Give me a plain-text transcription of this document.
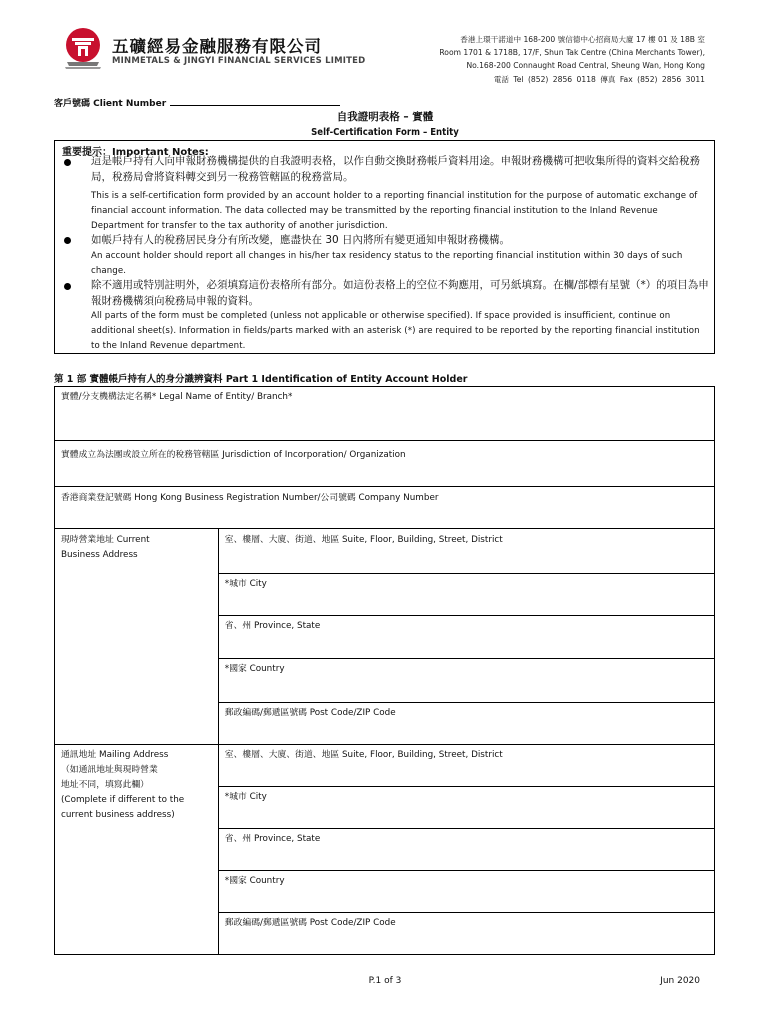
五礦經易金融服務有限公司
MINMETALS & JINGYI FINANCIAL SERVICES LIMITED
香港上環干諾道中 168-200 號信德中心招商局大廈 17 樓 01 及 18B 室
Room 1701 & 1718B, 17/F, Shun Tak Centre (China Merchants Tower),
No.168-200 Connaught Road Central, Sheung Wan, Hong Kong
電話 Tel (852) 2856 0118 傳真 Fax (852) 2856 3011
客戶號碼 Client Number
自我證明表格 – 實體
Self-Certification Form – Entity
重要提示：Important Notes:
這是帳戶持有人向申報財務機構提供的自我證明表格，以作自動交換財務帳戶資料用途。申報財務機構可把收集所得的資料交給稅務局，稅務局會將資料轉交到另一稅務管轄區的稅務當局。
This is a self-certification form provided by an account holder to a reporting financial institution for the purpose of automatic exchange of financial account information. The data collected may be transmitted by the reporting financial institution to the Inland Revenue Department for transfer to the tax authority of another jurisdiction.
如帳戶持有人的稅務居民身分有所改變，應盡快在 30 日內將所有變更通知申報財務機構。
An account holder should report all changes in his/her tax residency status to the reporting financial institution within 30 days of such change.
除不適用或特別註明外，必須填寫這份表格所有部分。如這份表格上的空位不夠應用，可另紙填寫。在欄/部標有星號（*）的項目為申報財務機構須向稅務局申報的資料。
All parts of the form must be completed (unless not applicable or otherwise specified). If space provided is insufficient, continue on additional sheet(s). Information in fields/parts marked with an asterisk (*) are required to be reported by the reporting financial institution to the Inland Revenue department.
第 1 部 實體帳戶持有人的身分識辨資料 Part 1 Identification of Entity Account Holder
實體/分支機構法定名稱* Legal Name of Entity/ Branch*	
實體成立為法團或設立所在的稅務管轄區 Jurisdiction of Incorporation/ Organization	
香港商業登記號碼 Hong Kong Business Registration Number/公司號碼 Company Number	

現時營業地址 Current
Business Address	室、樓層、大廈、街道、地區 Suite, Floor, Building, Street, District
	*城市 City
	省、州 Province, State
	*國家 Country
	郵政編碼/郵遞區號碼 Post Code/ZIP Code

通訊地址 Mailing Address
（如通訊地址與現時營業
地址不同，填寫此欄）
(Complete if different to the
current business address)	室、樓層、大廈、街道、地區 Suite, Floor, Building, Street, District
	*城市 City
	省、州 Province, State
	*國家 Country
	郵政編碼/郵遞區號碼 Post Code/ZIP Code
P.1 of 3	Jun 2020
